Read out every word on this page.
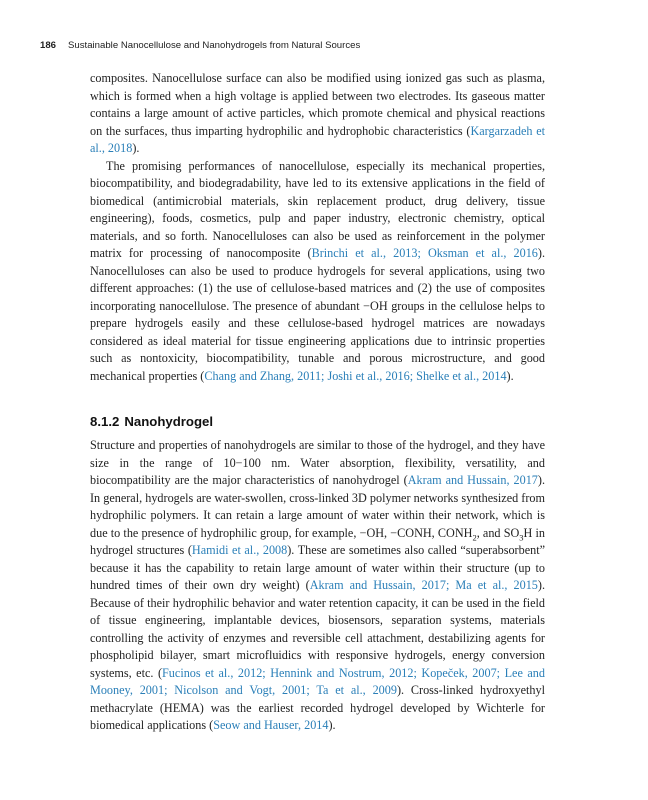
186 Sustainable Nanocellulose and Nanohydrogels from Natural Sources

composites. Nanocellulose surface can also be modified using ionized gas such as plasma, which is formed when a high voltage is applied between two electrodes. Its gaseous matter contains a large amount of active particles, which promote chemical and physical reactions on the surfaces, thus imparting hydrophilic and hydrophobic characteristics (Kargarzadeh et al., 2018).

The promising performances of nanocellulose, especially its mechanical properties, biocompatibility, and biodegradability, have led to its extensive applications in the field of biomedical (antimicrobial materials, skin replacement product, drug delivery, tissue engineering), foods, cosmetics, pulp and paper industry, electronic chemistry, optical materials, and so forth. Nanocelluloses can also be used as reinforcement in the polymer matrix for processing of nanocomposite (Brinchi et al., 2013; Oksman et al., 2016). Nanocelluloses can also be used to produce hydrogels for several applications, using two different approaches: (1) the use of cellulose-based matrices and (2) the use of composites incorporating nanocellulose. The presence of abundant −OH groups in the cellulose helps to prepare hydrogels easily and these cellulose-based hydrogel matrices are nowadays considered as ideal material for tissue engineering applications due to intrinsic properties such as nontoxicity, biocompatibility, tunable and porous microstructure, and good mechanical properties (Chang and Zhang, 2011; Joshi et al., 2016; Shelke et al., 2014).

8.1.2 Nanohydrogel

Structure and properties of nanohydrogels are similar to those of the hydrogel, and they have size in the range of 10−100 nm. Water absorption, flexibility, versatility, and biocompatibility are the major characteristics of nanohydrogel (Akram and Hussain, 2017). In general, hydrogels are water-swollen, cross-linked 3D polymer networks synthesized from hydrophilic polymers. It can retain a large amount of water within their network, which is due to the presence of hydrophilic group, for example, −OH, −CONH, $CONH_2$, and $SO_3H$ in hydrogel structures (Hamidi et al., 2008). These are sometimes also called “superabsorbent” because it has the capability to retain large amount of water within their structure (up to hundred times of their own dry weight) (Akram and Hussain, 2017; Ma et al., 2015). Because of their hydrophilic behavior and water retention capacity, it can be used in the field of tissue engineering, implantable devices, biosensors, separation systems, materials controlling the activity of enzymes and reversible cell attachment, destabilizing agents for phospholipid bilayer, smart microfluidics with responsive hydrogels, energy conversion systems, etc. (Fucinos et al., 2012; Hennink and Nostrum, 2012; Kopeček, 2007; Lee and Mooney, 2001; Nicolson and Vogt, 2001; Ta et al., 2009). Cross-linked hydroxyethyl methacrylate (HEMA) was the earliest recorded hydrogel developed by Wichterle for biomedical applications (Seow and Hauser, 2014).
